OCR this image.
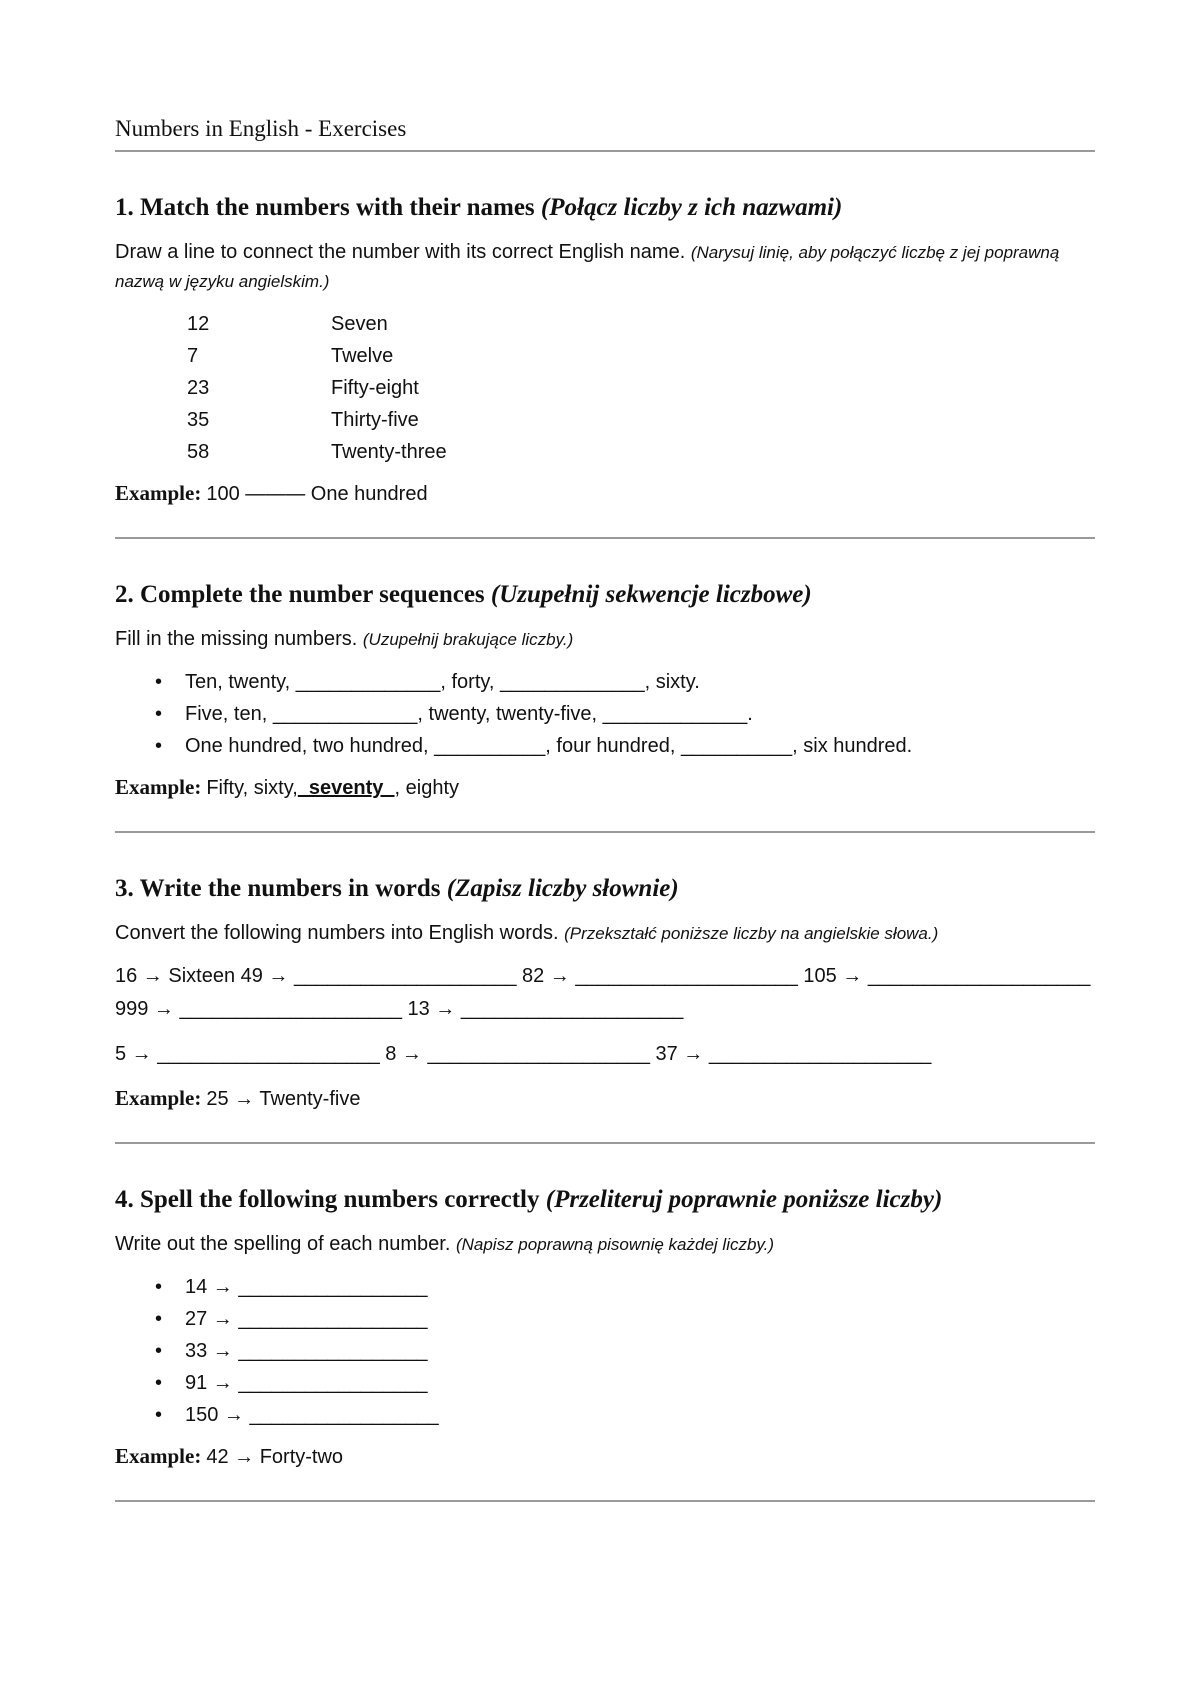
Numbers in English - Exercises

1. Match the numbers with their names (Połącz liczby z ich nazwami)

Draw a line to connect the number with its correct English name. (Narysuj linię, aby połączyć liczbę z jej poprawną nazwą w języku angielskim.)

12	Seven
7	Twelve
23	Fifty-eight
35	Thirty-five
58	Twenty-three

Example: 100 ——— One hundred

2. Complete the number sequences (Uzupełnij sekwencje liczbowe)

Fill in the missing numbers. (Uzupełnij brakujące liczby.)

• Ten, twenty, _____________, forty, _____________, sixty.
• Five, ten, _____________, twenty, twenty-five, _____________.
• One hundred, two hundred, __________, four hundred, __________, six hundred.

Example: Fifty, sixty,  seventy  , eighty

3. Write the numbers in words (Zapisz liczby słownie)

Convert the following numbers into English words. (Przekształć poniższe liczby na angielskie słowa.)

16 → Sixteen 49 → ____________________ 82 → ____________________ 105 → ____________________ 999 → ____________________ 13 → ____________________

5 → ____________________ 8 → ____________________ 37 → ____________________

Example: 25 → Twenty-five

4. Spell the following numbers correctly (Przeliteruj poprawnie poniższe liczby)

Write out the spelling of each number. (Napisz poprawną pisownię każdej liczby.)

• 14 → _________________
• 27 → _________________
• 33 → _________________
• 91 → _________________
• 150 → _________________

Example: 42 → Forty-two
